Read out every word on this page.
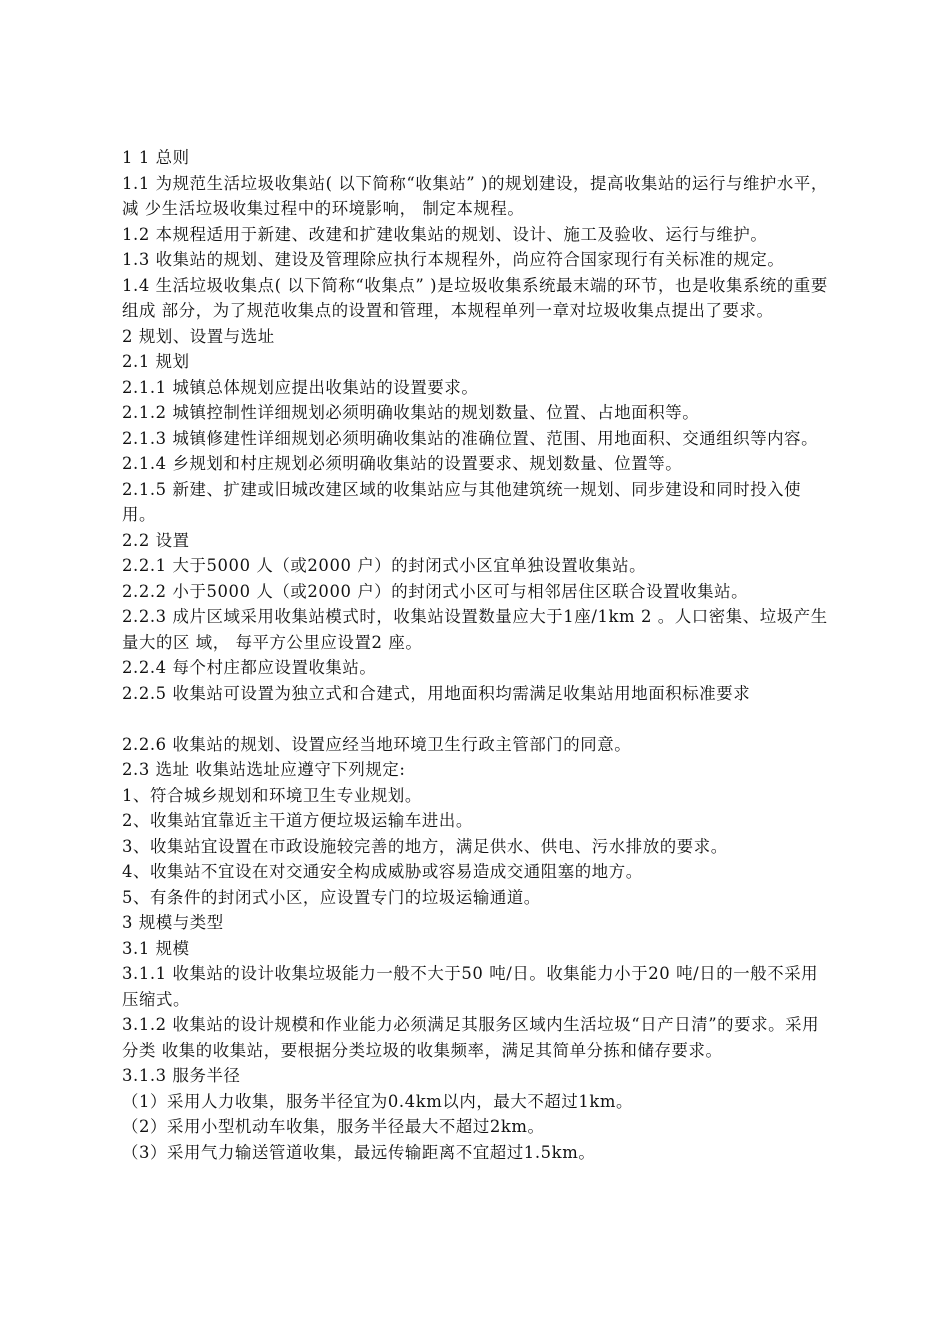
1 1 总则

1.1 为规范生活垃圾收集站( 以下简称“收集站” )的规划建设，提高收集站的运行与维护水平， 减 少生活垃圾收集过程中的环境影响， 制定本规程。

1.2 本规程适用于新建、改建和扩建收集站的规划、设计、施工及验收、运行与维护。

1.3 收集站的规划、建设及管理除应执行本规程外，尚应符合国家现行有关标准的规定。

1.4 生活垃圾收集点( 以下简称“收集点” )是垃圾收集系统最末端的环节，也是收集系统的重要组成 部分，为了规范收集点的设置和管理，本规程单列一章对垃圾收集点提出了要求。

2 规划、设置与选址

2.1 规划

2.1.1 城镇总体规划应提出收集站的设置要求。

2.1.2 城镇控制性详细规划必须明确收集站的规划数量、位置、占地面积等。

2.1.3 城镇修建性详细规划必须明确收集站的准确位置、范围、用地面积、交通组织等内容。

2.1.4 乡规划和村庄规划必须明确收集站的设置要求、规划数量、位置等。

2.1.5 新建、扩建或旧城改建区域的收集站应与其他建筑统一规划、同步建设和同时投入使用。

2.2 设置

2.2.1 大于5000 人（或2000 户）的封闭式小区宜单独设置收集站。

2.2.2 小于5000 人（或2000 户）的封闭式小区可与相邻居住区联合设置收集站。

2.2.3 成片区域采用收集站模式时，收集站设置数量应大于1座/1km 2 。人口密集、垃圾产生量大的区 域， 每平方公里应设置2 座。

2.2.4 每个村庄都应设置收集站。

2.2.5 收集站可设置为独立式和合建式，用地面积均需满足收集站用地面积标准要求

2.2.6 收集站的规划、设置应经当地环境卫生行政主管部门的同意。

2.3 选址 收集站选址应遵守下列规定:

1、符合城乡规划和环境卫生专业规划。

2、收集站宜靠近主干道方便垃圾运输车进出。

3、收集站宜设置在市政设施较完善的地方，满足供水、供电、污水排放的要求。

4、收集站不宜设在对交通安全构成威胁或容易造成交通阻塞的地方。

5、有条件的封闭式小区，应设置专门的垃圾运输通道。

3 规模与类型

3.1 规模

3.1.1 收集站的设计收集垃圾能力一般不大于50 吨/日。收集能力小于20 吨/日的一般不采用压缩式。

3.1.2 收集站的设计规模和作业能力必须满足其服务区域内生活垃圾“日产日清”的要求。采用分类 收集的收集站，要根据分类垃圾的收集频率，满足其简单分拣和储存要求。

3.1.3 服务半径

（1）采用人力收集，服务半径宜为0.4km以内，最大不超过1km。

（2）采用小型机动车收集，服务半径最大不超过2km。

（3）采用气力输送管道收集，最远传输距离不宜超过1.5km。
